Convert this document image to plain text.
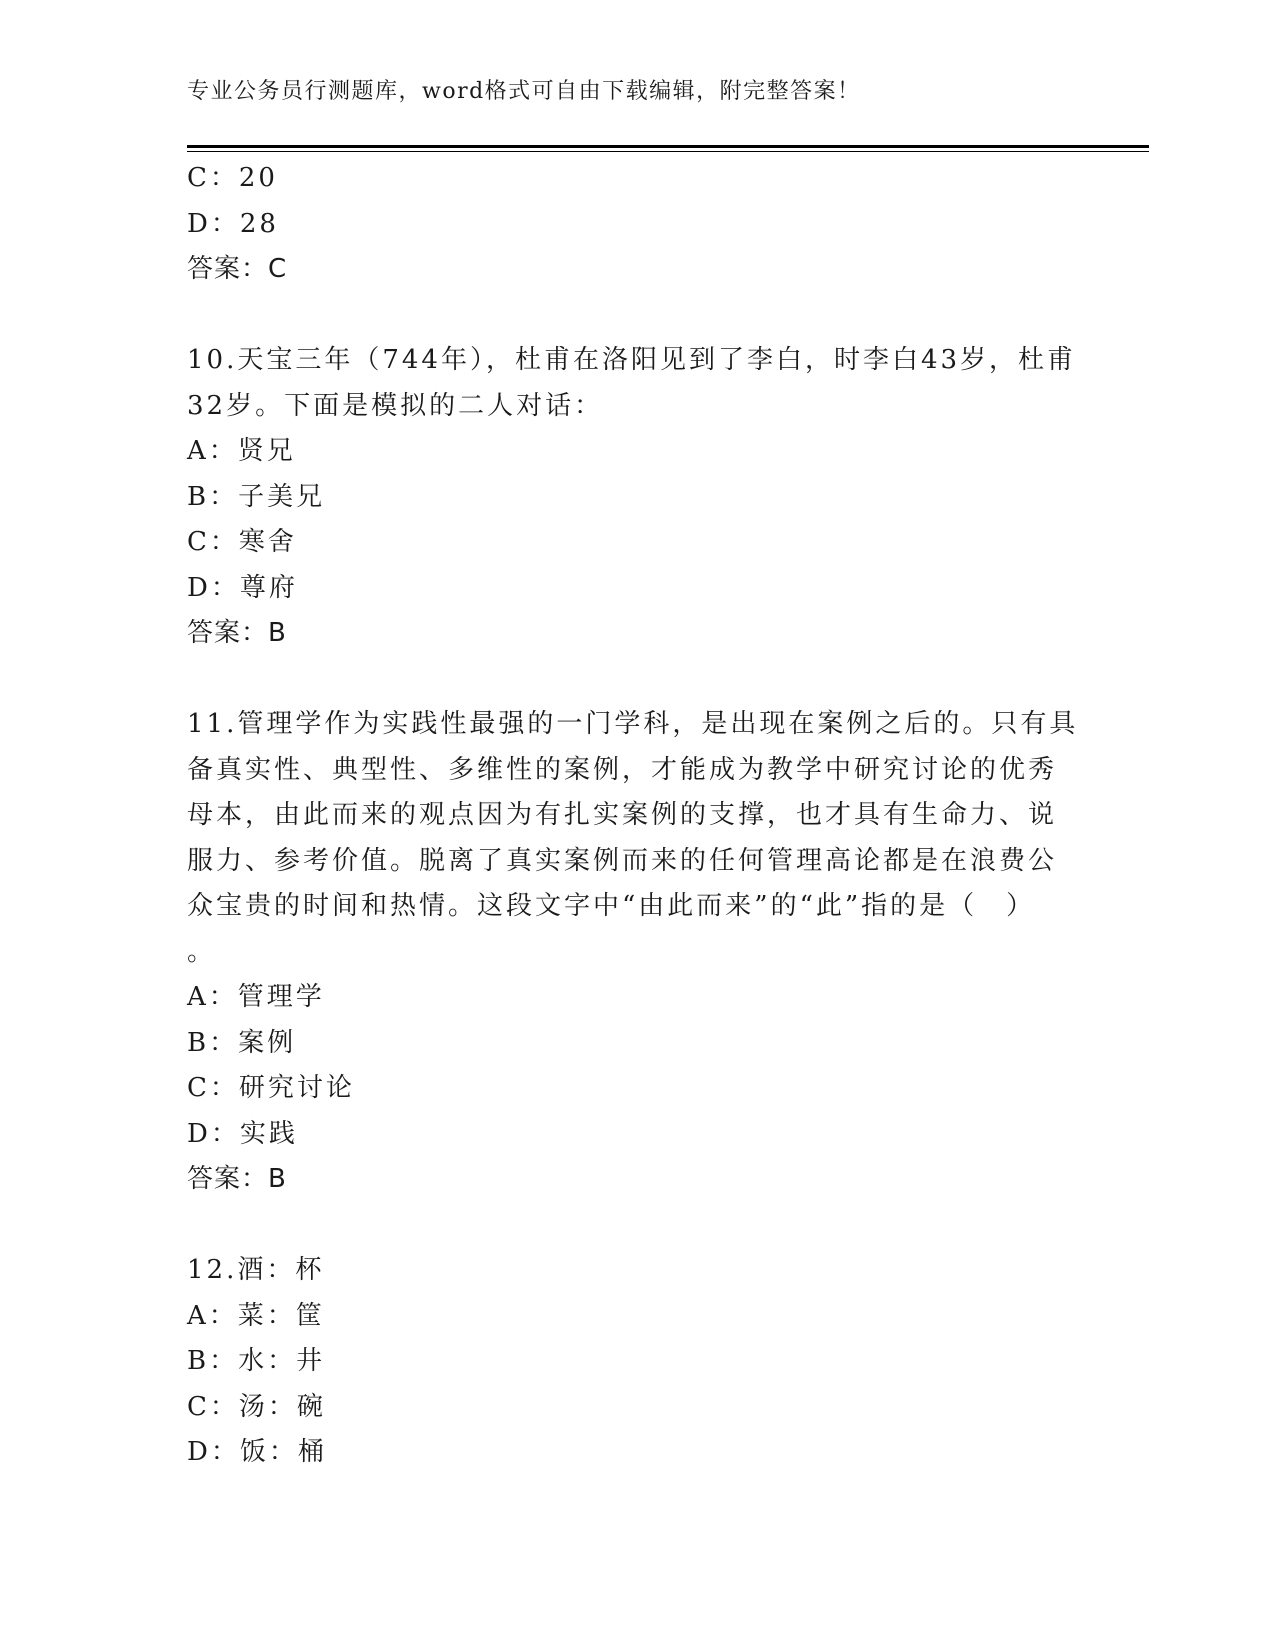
专业公务员行测题库，word格式可自由下载编辑，附完整答案！
C：20
D：28
答案：C
10.天宝三年（744年），杜甫在洛阳见到了李白，时李白43岁，杜甫
32岁。下面是模拟的二人对话：
A：贤兄
B：子美兄
C：寒舍
D：尊府
答案：B
11.管理学作为实践性最强的一门学科，是出现在案例之后的。只有具
备真实性、典型性、多维性的案例，才能成为教学中研究讨论的优秀
母本，由此而来的观点因为有扎实案例的支撑，也才具有生命力、说
服力、参考价值。脱离了真实案例而来的任何管理高论都是在浪费公
众宝贵的时间和热情。这段文字中“由此而来”的“此”指的是（　）
。
A：管理学
B：案例
C：研究讨论
D：实践
答案：B
12.酒：杯
A：菜：筐
B：水：井
C：汤：碗
D：饭：桶
